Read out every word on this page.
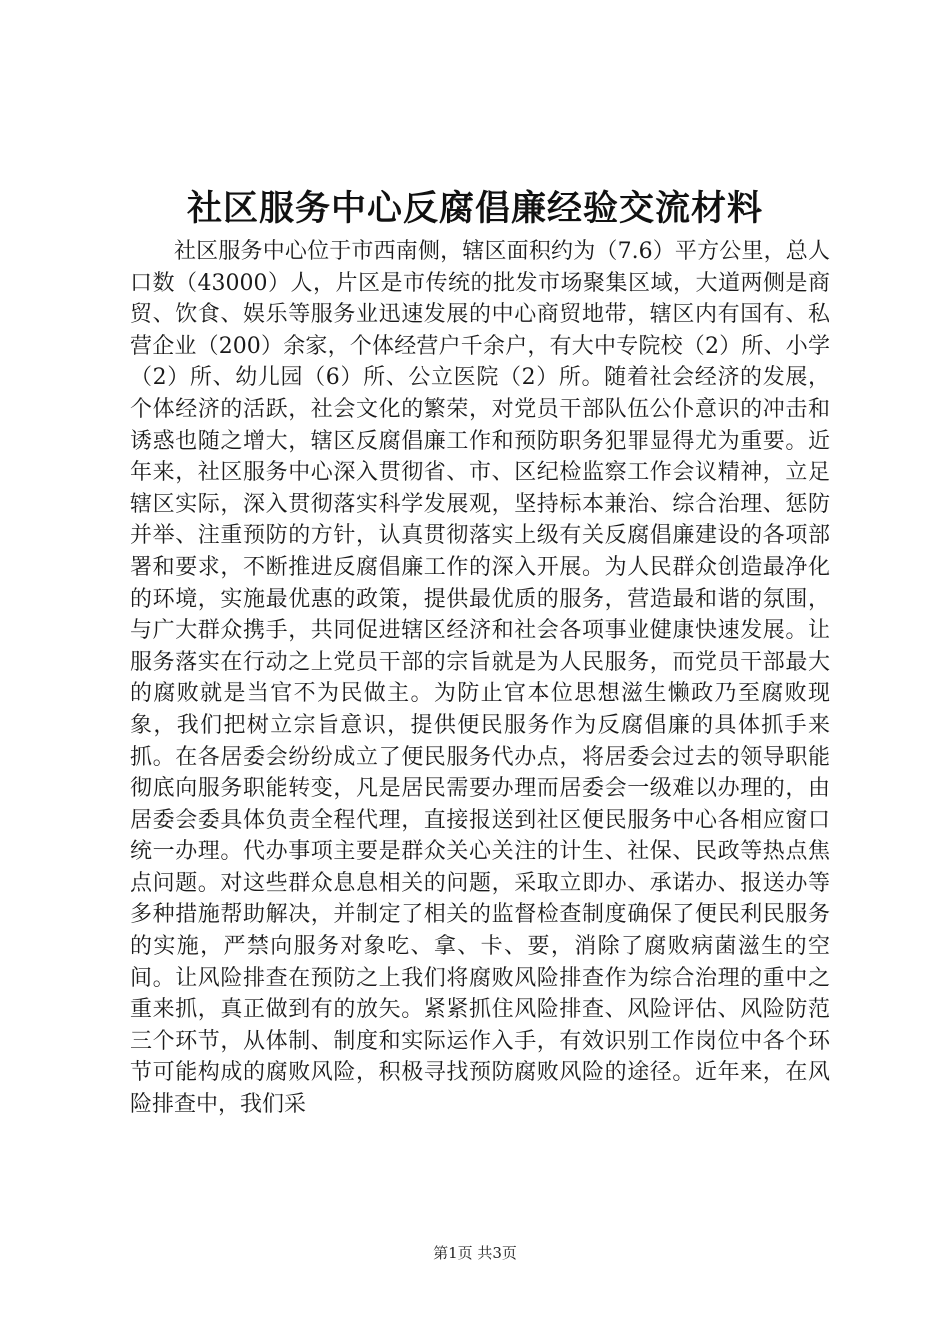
社区服务中心反腐倡廉经验交流材料

社区服务中心位于市西南侧，辖区面积约为（7.6）平方公里，总人口数（43000）人，片区是市传统的批发市场聚集区域，大道两侧是商贸、饮食、娱乐等服务业迅速发展的中心商贸地带，辖区内有国有、私营企业（200）余家，个体经营户千余户，有大中专院校（2）所、小学（2）所、幼儿园（6）所、公立医院（2）所。随着社会经济的发展，个体经济的活跃，社会文化的繁荣，对党员干部队伍公仆意识的冲击和诱惑也随之增大，辖区反腐倡廉工作和预防职务犯罪显得尤为重要。近年来，社区服务中心深入贯彻省、市、区纪检监察工作会议精神，立足辖区实际，深入贯彻落实科学发展观，坚持标本兼治、综合治理、惩防并举、注重预防的方针，认真贯彻落实上级有关反腐倡廉建设的各项部署和要求，不断推进反腐倡廉工作的深入开展。为人民群众创造最净化的环境，实施最优惠的政策，提供最优质的服务，营造最和谐的氛围，与广大群众携手，共同促进辖区经济和社会各项事业健康快速发展。让服务落实在行动之上党员干部的宗旨就是为人民服务，而党员干部最大的腐败就是当官不为民做主。为防止官本位思想滋生懒政乃至腐败现象，我们把树立宗旨意识，提供便民服务作为反腐倡廉的具体抓手来抓。在各居委会纷纷成立了便民服务代办点，将居委会过去的领导职能彻底向服务职能转变，凡是居民需要办理而居委会一级难以办理的，由居委会委具体负责全程代理，直接报送到社区便民服务中心各相应窗口统一办理。代办事项主要是群众关心关注的计生、社保、民政等热点焦点问题。对这些群众息息相关的问题，采取立即办、承诺办、报送办等多种措施帮助解决，并制定了相关的监督检查制度确保了便民利民服务的实施，严禁向服务对象吃、拿、卡、要，消除了腐败病菌滋生的空间。让风险排查在预防之上我们将腐败风险排查作为综合治理的重中之重来抓，真正做到有的放矢。紧紧抓住风险排查、风险评估、风险防范三个环节，从体制、制度和实际运作入手，有效识别工作岗位中各个环节可能构成的腐败风险，积极寻找预防腐败风险的途径。近年来，在风险排查中，我们采

第1页 共3页
